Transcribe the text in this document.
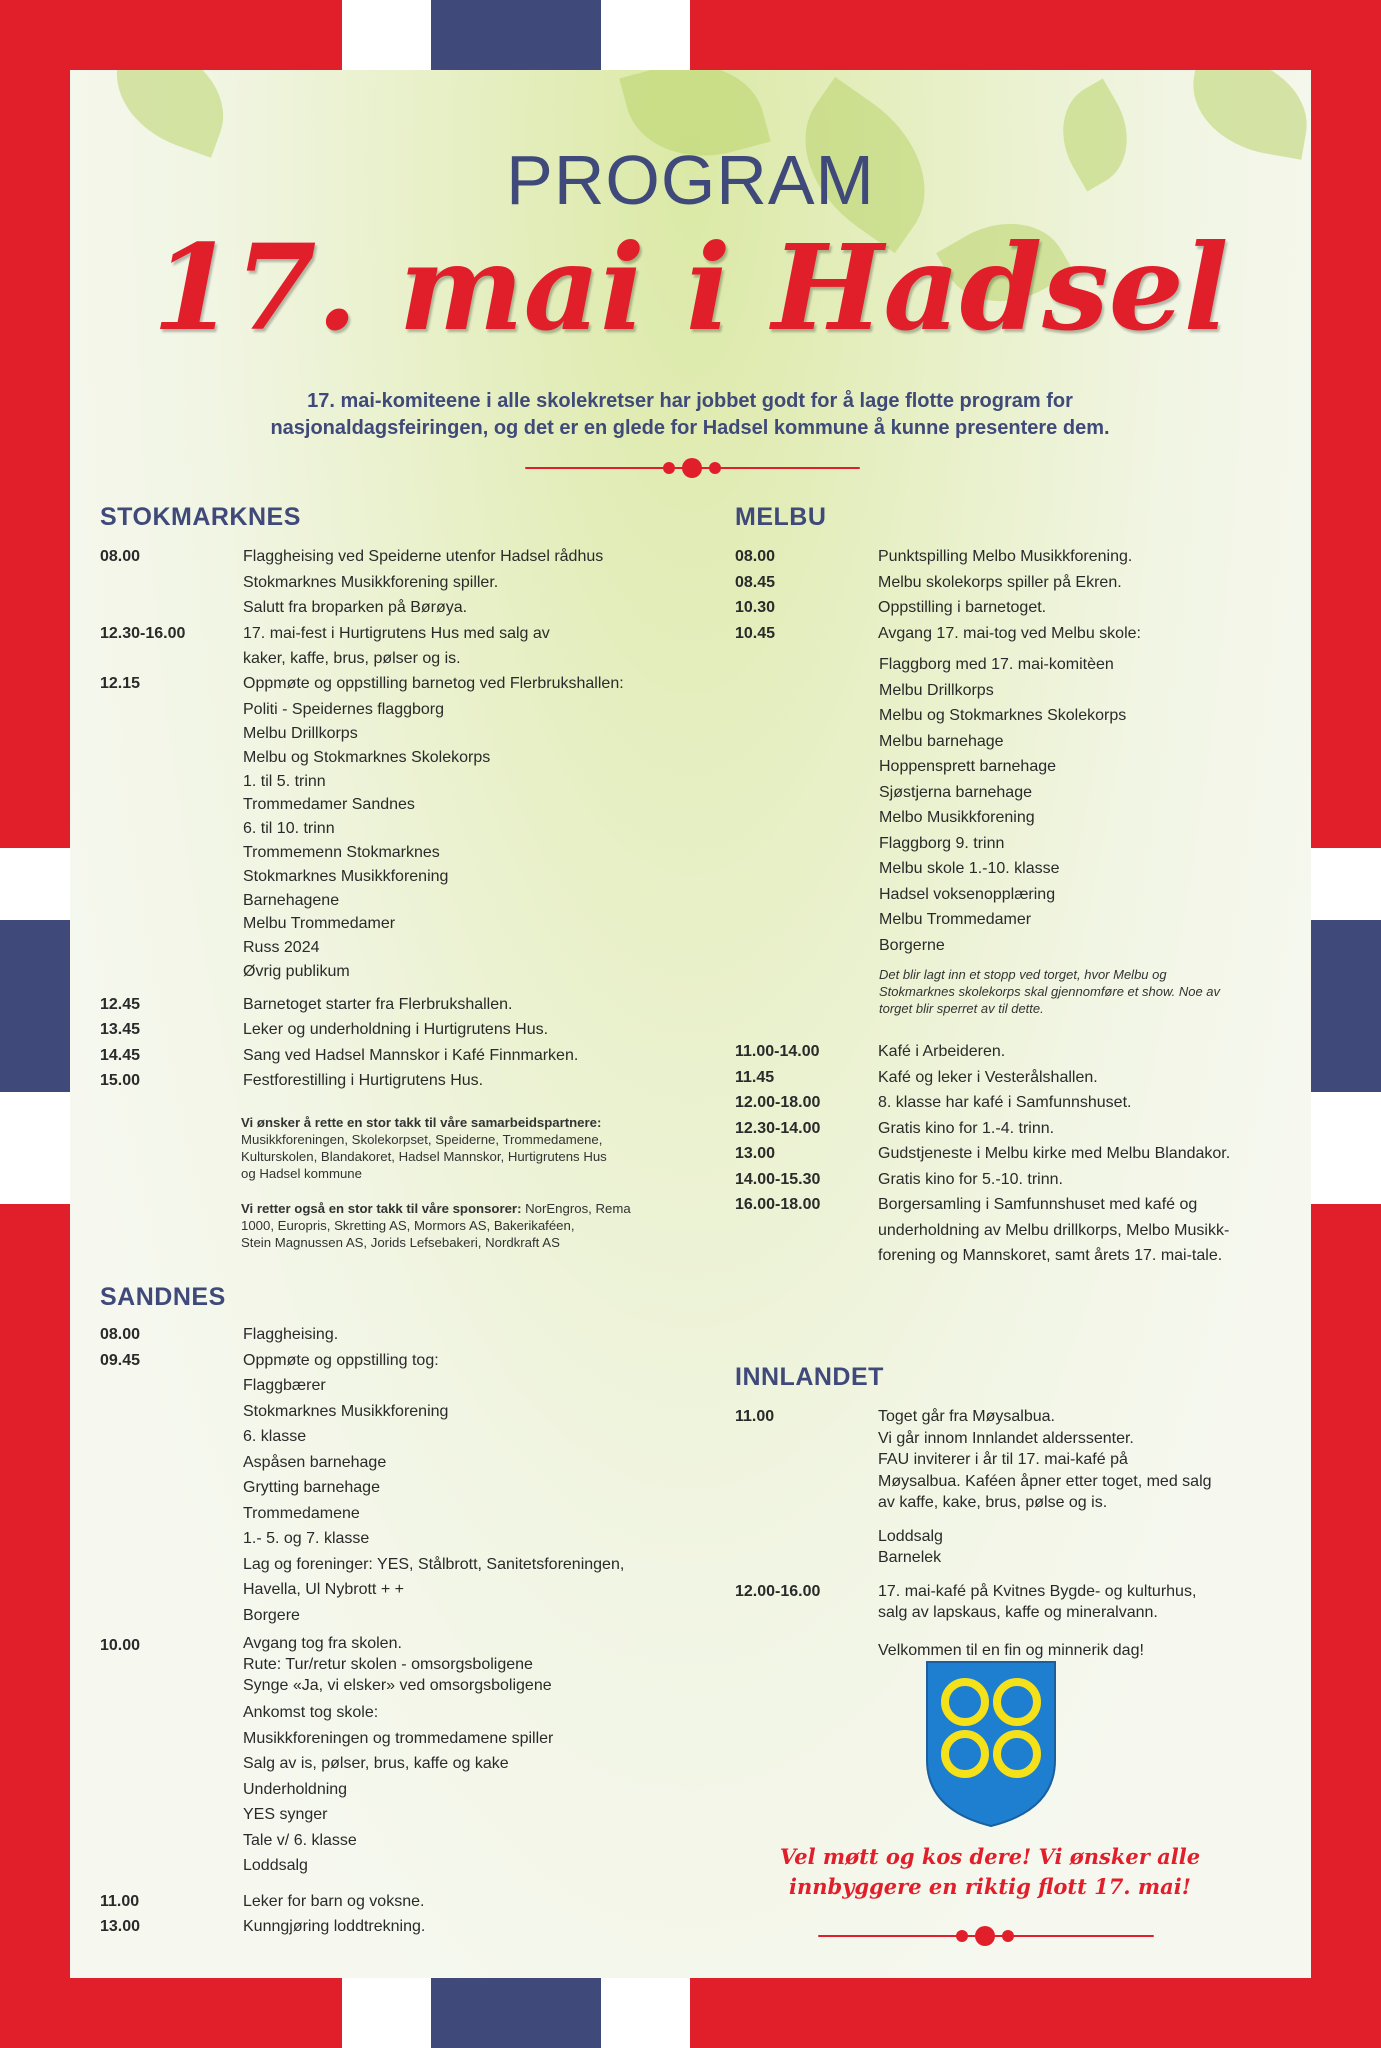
PROGRAM
17. mai i Hadsel
17. mai-komiteene i alle skolekretser har jobbet godt for å lage flotte program for
nasjonaldagsfeiringen, og det er en glede for Hadsel kommune å kunne presentere dem.
STOKMARKNES
08.00	Flaggheising ved Speiderne utenfor Hadsel rådhus
Stokmarknes Musikkforening spiller.
Salutt fra broparken på Børøya.
12.30-16.00	17. mai-fest i Hurtigrutens Hus med salg av
kaker, kaffe, brus, pølser og is.
12.15	Oppmøte og oppstilling barnetog ved Flerbrukshallen:
Politi - Speidernes flaggborg
Melbu Drillkorps
Melbu og Stokmarknes Skolekorps
1. til 5. trinn
Trommedamer Sandnes
6. til 10. trinn
Trommemenn Stokmarknes
Stokmarknes Musikkforening
Barnehagene
Melbu Trommedamer
Russ 2024
Øvrig publikum
12.45	Barnetoget starter fra Flerbrukshallen.
13.45	Leker og underholdning i Hurtigrutens Hus.
14.45	Sang ved Hadsel Mannskor i Kafé Finnmarken.
15.00	Festforestilling i Hurtigrutens Hus.
Vi ønsker å rette en stor takk til våre samarbeidspartnere:
Musikkforeningen, Skolekorpset, Speiderne, Trommedamene,
Kulturskolen, Blandakoret, Hadsel Mannskor, Hurtigrutens Hus
og Hadsel kommune
Vi retter også en stor takk til våre sponsorer: NorEngros, Rema
1000, Europris, Skretting AS, Mormors AS, Bakerikaféen,
Stein Magnussen AS, Jorids Lefsebakeri, Nordkraft AS
SANDNES
08.00	Flaggheising.
09.45	Oppmøte og oppstilling tog:
Flaggbærer
Stokmarknes Musikkforening
6. klasse
Aspåsen barnehage
Grytting barnehage
Trommedamene
1.- 5. og 7. klasse
Lag og foreninger: YES, Stålbrott, Sanitetsforeningen,
Havella, Ul Nybrott + +
Borgere
10.00	Avgang tog fra skolen.
Rute: Tur/retur skolen - omsorgsboligene
Synge «Ja, vi elsker» ved omsorgsboligene
Ankomst tog skole:
Musikkforeningen og trommedamene spiller
Salg av is, pølser, brus, kaffe og kake
Underholdning
YES synger
Tale v/ 6. klasse
Loddsalg
11.00	Leker for barn og voksne.
13.00	Kunngjøring loddtrekning.
MELBU
08.00	Punktspilling Melbo Musikkforening.
08.45	Melbu skolekorps spiller på Ekren.
10.30	Oppstilling i barnetoget.
10.45	Avgang 17. mai-tog ved Melbu skole:
Flaggborg med 17. mai-komitèen
Melbu Drillkorps
Melbu og Stokmarknes Skolekorps
Melbu barnehage
Hoppensprett barnehage
Sjøstjerna barnehage
Melbo Musikkforening
Flaggborg 9. trinn
Melbu skole 1.-10. klasse
Hadsel voksenopplæring
Melbu Trommedamer
Borgerne
Det blir lagt inn et stopp ved torget, hvor Melbu og
Stokmarknes skolekorps skal gjennomføre et show. Noe av
torget blir sperret av til dette.
11.00-14.00	Kafé i Arbeideren.
11.45	Kafé og leker i Vesterålshallen.
12.00-18.00	8. klasse har kafé i Samfunnshuset.
12.30-14.00	Gratis kino for 1.-4. trinn.
13.00	Gudstjeneste i Melbu kirke med Melbu Blandakor.
14.00-15.30	Gratis kino for 5.-10. trinn.
16.00-18.00	Borgersamling i Samfunnshuset med kafé og
underholdning av Melbu drillkorps, Melbo Musikk-
forening og Mannskoret, samt årets 17. mai-tale.
INNLANDET
11.00	Toget går fra Møysalbua.
Vi går innom Innlandet alderssenter.
FAU inviterer i år til 17. mai-kafé på
Møysalbua. Kaféen åpner etter toget, med salg
av kaffe, kake, brus, pølse og is.
Loddsalg
Barnelek
12.00-16.00	17. mai-kafé på Kvitnes Bygde- og kulturhus,
salg av lapskaus, kaffe og mineralvann.
Velkommen til en fin og minnerik dag!
Vel møtt og kos dere! Vi ønsker alle
innbyggere en riktig flott 17. mai!
